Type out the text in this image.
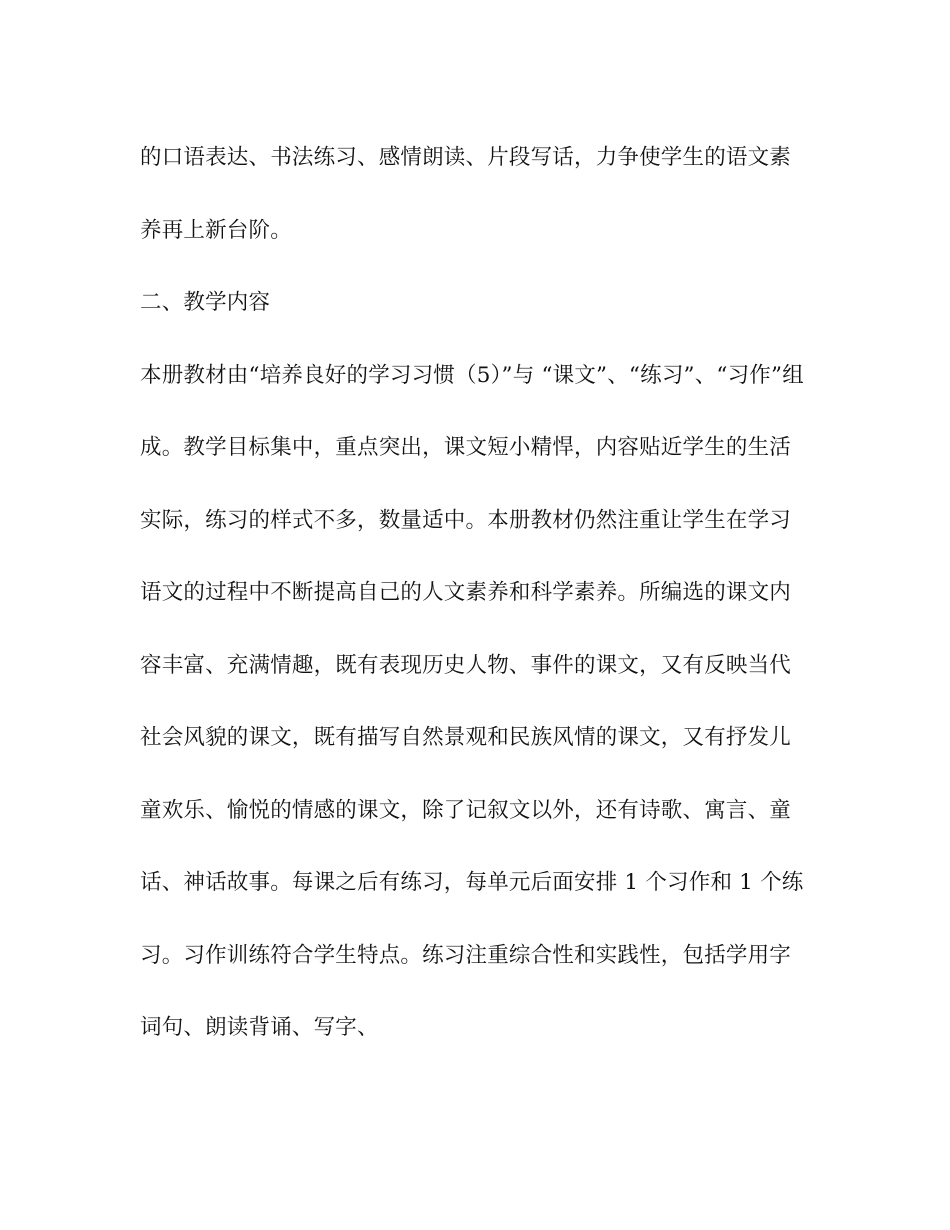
的口语表达、书法练习、感情朗读、片段写话，力争使学生的语文素
养再上新台阶。
二、教学内容
本册教材由“培养良好的学习习惯（5）”与 “课文”、“练习”、“习作”组
成。教学目标集中，重点突出，课文短小精悍，内容贴近学生的生活
实际，练习的样式不多，数量适中。本册教材仍然注重让学生在学习
语文的过程中不断提高自己的人文素养和科学素养。所编选的课文内
容丰富、充满情趣，既有表现历史人物、事件的课文，又有反映当代
社会风貌的课文，既有描写自然景观和民族风情的课文，又有抒发儿
童欢乐、愉悦的情感的课文，除了记叙文以外，还有诗歌、寓言、童
话、神话故事。每课之后有练习，每单元后面安排 1 个习作和 1 个练
习。习作训练符合学生特点。练习注重综合性和实践性，包括学用字
词句、朗读背诵、写字、
